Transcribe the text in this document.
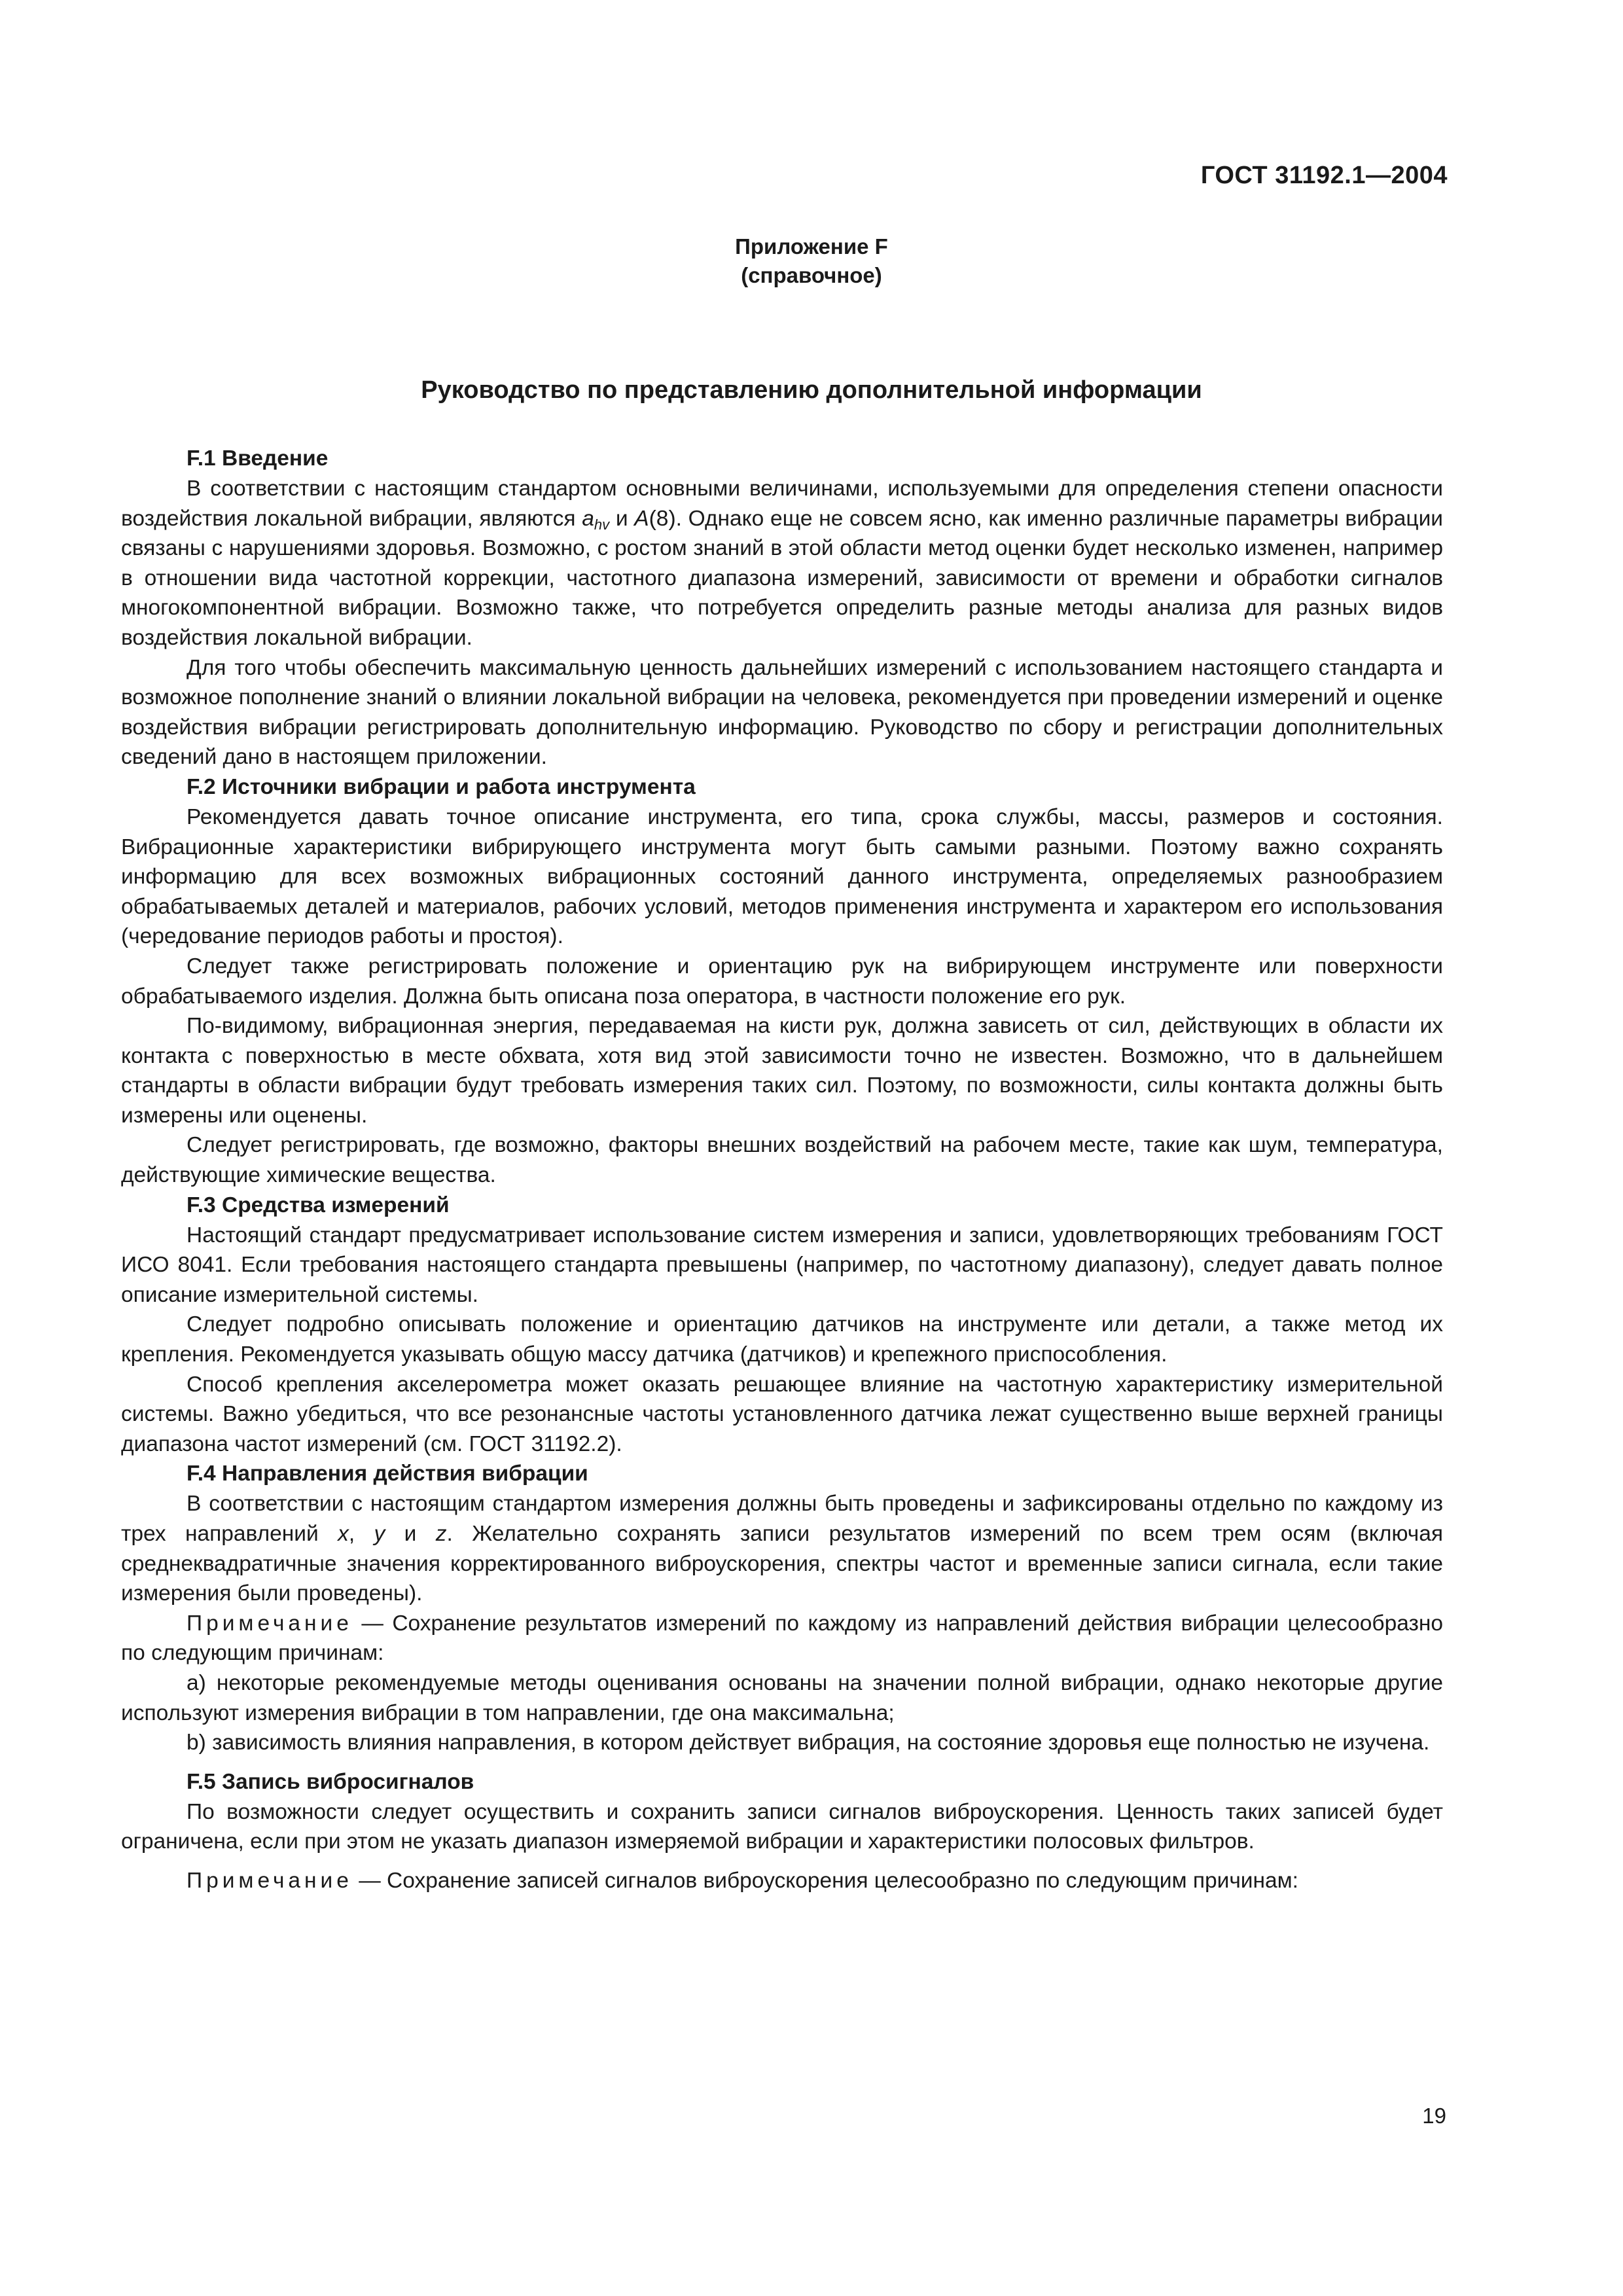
ГОСТ 31192.1—2004
Приложение F
(справочное)
Руководство по представлению дополнительной информации
F.1 Введение

В соответствии с настоящим стандартом основными величинами, используемыми для определения степени опасности воздействия локальной вибрации, являются $a_{hv}$ и A(8). Однако еще не совсем ясно, как именно различные параметры вибрации связаны с нарушениями здоровья. Возможно, с ростом знаний в этой области метод оценки будет несколько изменен, например в отношении вида частотной коррекции, частотного диапазона измерений, зависимости от времени и обработки сигналов многокомпонентной вибрации. Возможно также, что потребуется определить разные методы анализа для разных видов воздействия локальной вибрации.

Для того чтобы обеспечить максимальную ценность дальнейших измерений с использованием настоящего стандарта и возможное пополнение знаний о влиянии локальной вибрации на человека, рекомендуется при проведении измерений и оценке воздействия вибрации регистрировать дополнительную информацию. Руководство по сбору и регистрации дополнительных сведений дано в настоящем приложении.

F.2 Источники вибрации и работа инструмента

Рекомендуется давать точное описание инструмента, его типа, срока службы, массы, размеров и состояния. Вибрационные характеристики вибрирующего инструмента могут быть самыми разными. Поэтому важно сохранять информацию для всех возможных вибрационных состояний данного инструмента, определяемых разнообразием обрабатываемых деталей и материалов, рабочих условий, методов применения инструмента и характером его использования (чередование периодов работы и простоя).

Следует также регистрировать положение и ориентацию рук на вибрирующем инструменте или поверхности обрабатываемого изделия. Должна быть описана поза оператора, в частности положение его рук.

По-видимому, вибрационная энергия, передаваемая на кисти рук, должна зависеть от сил, действующих в области их контакта с поверхностью в месте обхвата, хотя вид этой зависимости точно не известен. Возможно, что в дальнейшем стандарты в области вибрации будут требовать измерения таких сил. Поэтому, по возможности, силы контакта должны быть измерены или оценены.

Следует регистрировать, где возможно, факторы внешних воздействий на рабочем месте, такие как шум, температура, действующие химические вещества.

F.3 Средства измерений

Настоящий стандарт предусматривает использование систем измерения и записи, удовлетворяющих требованиям ГОСТ ИСО 8041. Если требования настоящего стандарта превышены (например, по частотному диапазону), следует давать полное описание измерительной системы.

Следует подробно описывать положение и ориентацию датчиков на инструменте или детали, а также метод их крепления. Рекомендуется указывать общую массу датчика (датчиков) и крепежного приспособления.

Способ крепления акселерометра может оказать решающее влияние на частотную характеристику измерительной системы. Важно убедиться, что все резонансные частоты установленного датчика лежат существенно выше верхней границы диапазона частот измерений (см. ГОСТ 31192.2).

F.4 Направления действия вибрации

В соответствии с настоящим стандартом измерения должны быть проведены и зафиксированы отдельно по каждому из трех направлений x, y и z. Желательно сохранять записи результатов измерений по всем трем осям (включая среднеквадратичные значения корректированного виброускорения, спектры частот и временные записи сигнала, если такие измерения были проведены).

Примечание — Сохранение результатов измерений по каждому из направлений действия вибрации целесообразно по следующим причинам:

a) некоторые рекомендуемые методы оценивания основаны на значении полной вибрации, однако некоторые другие используют измерения вибрации в том направлении, где она максимальна;

b) зависимость влияния направления, в котором действует вибрация, на состояние здоровья еще полностью не изучена.

F.5 Запись вибросигналов

По возможности следует осуществить и сохранить записи сигналов виброускорения. Ценность таких записей будет ограничена, если при этом не указать диапазон измеряемой вибрации и характеристики полосовых фильтров.

Примечание — Сохранение записей сигналов виброускорения целесообразно по следующим причинам:

19
